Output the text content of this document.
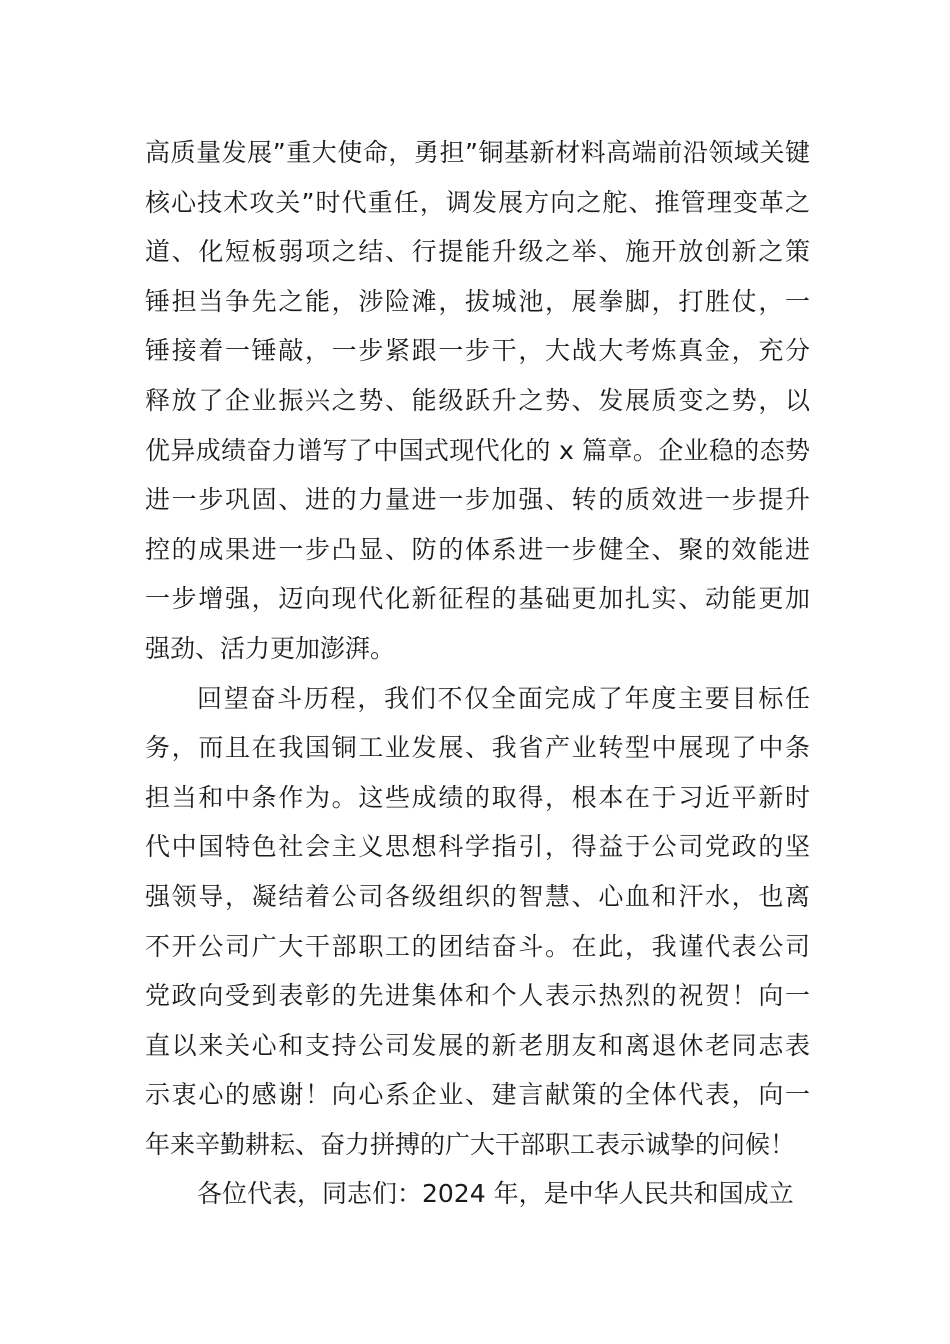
高质量发展”重大使命，勇担”铜基新材料高端前沿领域关键
核心技术攻关”时代重任，调发展方向之舵、推管理变革之
道、化短板弱项之结、行提能升级之举、施开放创新之策
锤担当争先之能，涉险滩，拔城池，展拳脚，打胜仗，一
锤接着一锤敲，一步紧跟一步干，大战大考炼真金，充分
释放了企业振兴之势、能级跃升之势、发展质变之势，以
优异成绩奋力谱写了中国式现代化的 x 篇章。企业稳的态势
进一步巩固、进的力量进一步加强、转的质效进一步提升
控的成果进一步凸显、防的体系进一步健全、聚的效能进
一步增强，迈向现代化新征程的基础更加扎实、动能更加
强劲、活力更加澎湃。
回望奋斗历程，我们不仅全面完成了年度主要目标任
务，而且在我国铜工业发展、我省产业转型中展现了中条
担当和中条作为。这些成绩的取得，根本在于习近平新时
代中国特色社会主义思想科学指引，得益于公司党政的坚
强领导，凝结着公司各级组织的智慧、心血和汗水，也离
不开公司广大干部职工的团结奋斗。在此，我谨代表公司
党政向受到表彰的先进集体和个人表示热烈的祝贺！向一
直以来关心和支持公司发展的新老朋友和离退休老同志表
示衷心的感谢！向心系企业、建言献策的全体代表，向一
年来辛勤耕耘、奋力拼搏的广大干部职工表示诚挚的问候！
各位代表，同志们：2024 年，是中华人民共和国成立
